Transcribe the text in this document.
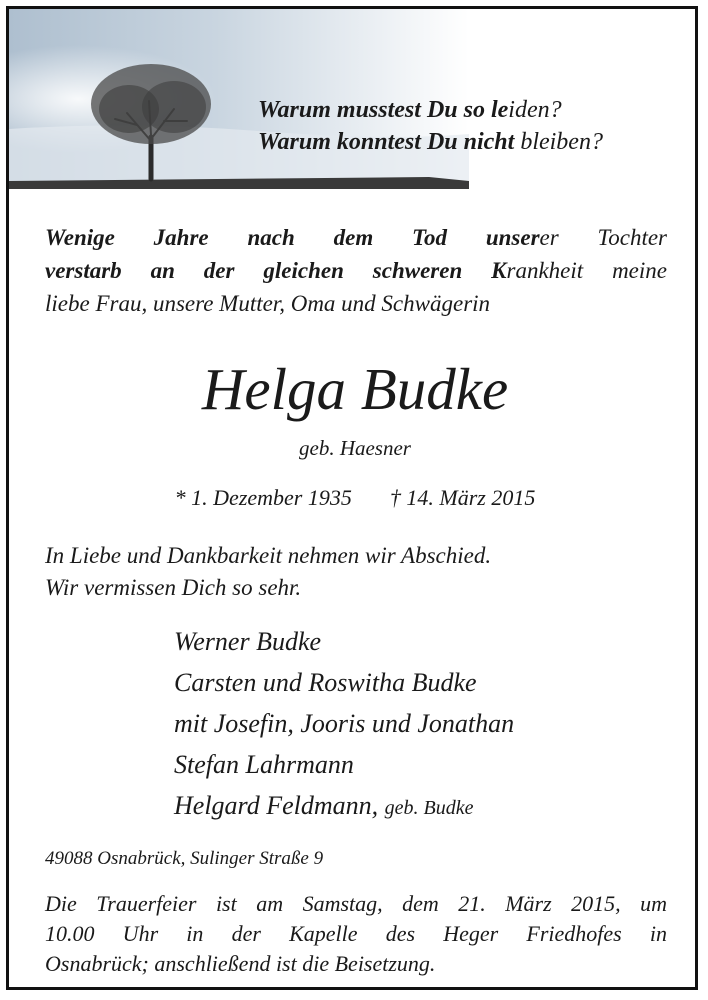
Warum musstest Du so leiden?
Warum konntest Du nicht bleiben?
Wenige Jahre nach dem Tod unserer Tochter
verstarb an der gleichen schweren Krankheit meine
liebe Frau, unsere Mutter, Oma und Schwägerin
Helga Budke
geb. Haesner
* 1. Dezember 1935 † 14. März 2015
In Liebe und Dankbarkeit nehmen wir Abschied.
Wir vermissen Dich so sehr.
Werner Budke
Carsten und Roswitha Budke
mit Josefin, Jooris und Jonathan
Stefan Lahrmann
Helgard Feldmann, geb. Budke
49088 Osnabrück, Sulinger Straße 9
Die Trauerfeier ist am Samstag, dem 21. März 2015, um
10.00 Uhr in der Kapelle des Heger Friedhofes in
Osnabrück; anschließend ist die Beisetzung.
